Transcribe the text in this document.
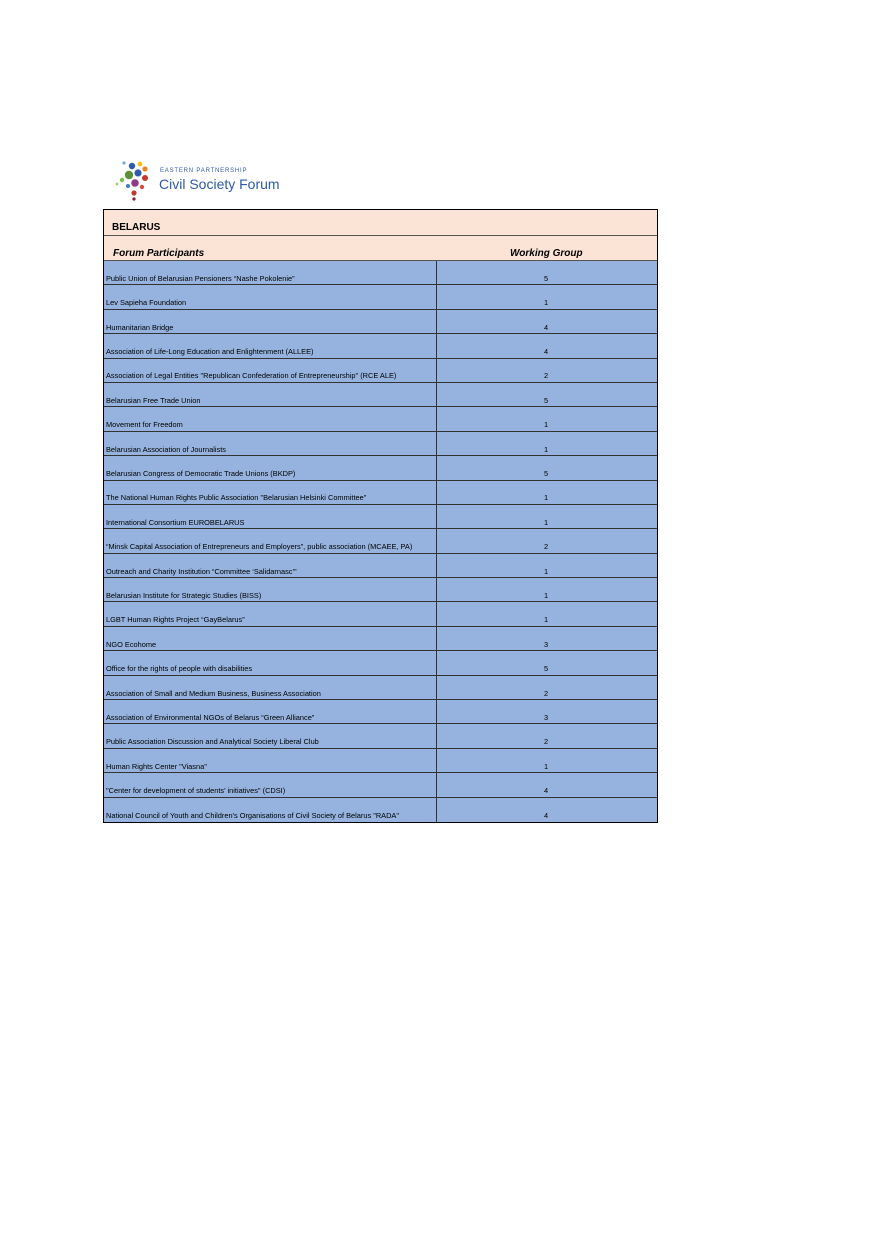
EASTERN PARTNERSHIP
Civil Society Forum
BELARUS
Forum Participants	Working Group
Public Union of Belarusian Pensioners “Nashe Pokolenie”	5
Lev Sapieha Foundation	1
Humanitarian Bridge	4
Association of Life-Long Education and Enlightenment (ALLEE)	4
Association of Legal Entities "Republican Confederation of Entrepreneurship" (RCE ALE)	2
Belarusian Free Trade Union	5
Movement for Freedom	1
Belarusian Association of Journalists	1
Belarusian Congress of Democratic Trade Unions (BKDP)	5
The National Human Rights Public Association "Belarusian Helsinki Committee"	1
International Consortium EUROBELARUS	1
“Minsk Capital Association of Entrepreneurs and Employers”, public association (MCAEE, PA)	2
Outreach and Charity Institution “Committee ‘Salidarnasc’”	1
Belarusian Institute for Strategic Studies (BISS)	1
LGBT Human Rights Project “GayBelarus”	1
NGO Ecohome	3
Office for the rights of people with disabilities	5
Association of Small and Medium Business, Business Association	2
Association of Environmental NGOs of Belarus “Green Alliance”	3
Public Association Discussion and Analytical Society Liberal Club	2
Human Rights Center "Viasna"	1
"Center for development of students' initiatives" (CDSI)	4
National Council of Youth and Children's Organisations of Civil Society of Belarus "RADA"	4
